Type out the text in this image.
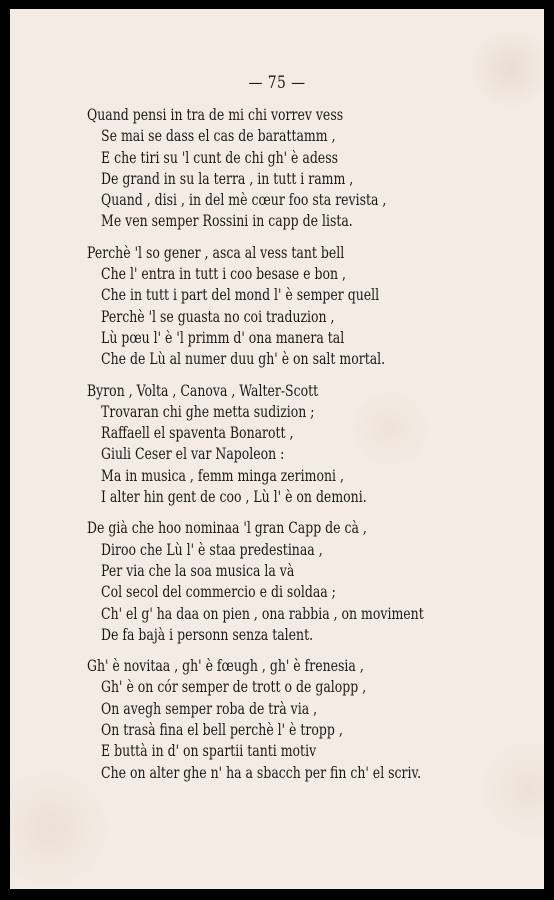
— 75 —
Quand pensi in tra de mi chi vorrev vess
Se mai se dass el cas de barattamm ,
E che tiri su 'l cunt de chi gh' è adess
De grand in su la terra , in tutt i ramm ,
Quand , disi , in del mè cœur foo sta revista ,
Me ven semper Rossini in capp de lista.
Perchè 'l so gener , asca al vess tant bell
Che l' entra in tutt i coo besase e bon ,
Che in tutt i part del mond l' è semper quell
Perchè 'l se guasta no coi traduzion ,
Lù pœu l' è 'l primm d' ona manera tal
Che de Lù al numer duu gh' è on salt mortal.
Byron , Volta , Canova , Walter-Scott
Trovaran chi ghe metta sudizion ;
Raffaell el spaventa Bonarott ,
Giuli Ceser el var Napoleon :
Ma in musica , femm minga zerimoni ,
I alter hin gent de coo , Lù l' è on demoni.
De già che hoo nominaa 'l gran Capp de cà ,
Diroo che Lù l' è staa predestinaa ,
Per via che la soa musica la và
Col secol del commercio e di soldaa ;
Ch' el g' ha daa on pien , ona rabbia , on moviment
De fa bajà i personn senza talent.
Gh' è novitaa , gh' è fœugh , gh' è frenesia ,
Gh' è on cór semper de trott o de galopp ,
On avegh semper roba de trà via ,
On trasà fina el bell perchè l' è tropp ,
E buttà in d' on spartii tanti motiv
Che on alter ghe n' ha a sbacch per fin ch' el scriv.
